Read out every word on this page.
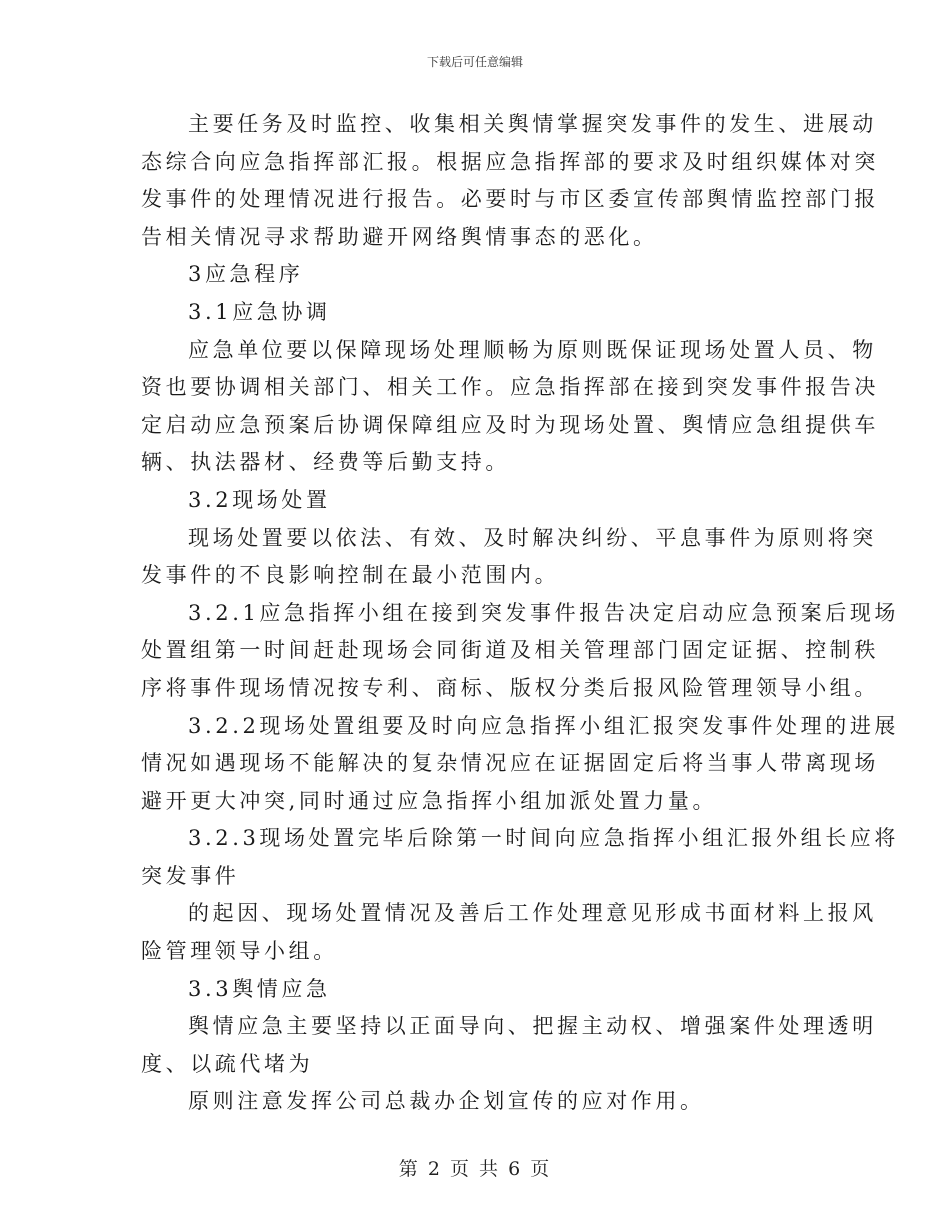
下载后可任意编辑
主要任务及时监控、收集相关舆情掌握突发事件的发生、进展动
态综合向应急指挥部汇报。根据应急指挥部的要求及时组织媒体对突
发事件的处理情况进行报告。必要时与市区委宣传部舆情监控部门报
告相关情况寻求帮助避开网络舆情事态的恶化。
3应急程序
3.1应急协调
应急单位要以保障现场处理顺畅为原则既保证现场处置人员、物
资也要协调相关部门、相关工作。应急指挥部在接到突发事件报告决
定启动应急预案后协调保障组应及时为现场处置、舆情应急组提供车
辆、执法器材、经费等后勤支持。
3.2现场处置
现场处置要以依法、有效、及时解决纠纷、平息事件为原则将突
发事件的不良影响控制在最小范围内。
3.2.1应急指挥小组在接到突发事件报告决定启动应急预案后现场
处置组第一时间赶赴现场会同街道及相关管理部门固定证据、控制秩
序将事件现场情况按专利、商标、版权分类后报风险管理领导小组。
3.2.2现场处置组要及时向应急指挥小组汇报突发事件处理的进展
情况如遇现场不能解决的复杂情况应在证据固定后将当事人带离现场
避开更大冲突,同时通过应急指挥小组加派处置力量。
3.2.3现场处置完毕后除第一时间向应急指挥小组汇报外组长应将
突发事件
的起因、现场处置情况及善后工作处理意见形成书面材料上报风
险管理领导小组。
3.3舆情应急
舆情应急主要坚持以正面导向、把握主动权、增强案件处理透明
度、以疏代堵为
原则注意发挥公司总裁办企划宣传的应对作用。
第 2 页 共 6 页
